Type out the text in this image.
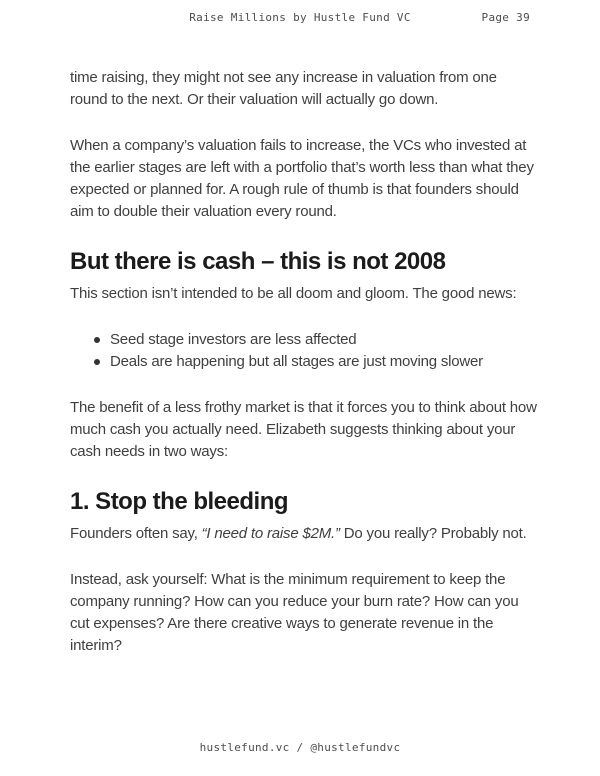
Raise Millions by Hustle Fund VC	Page 39

time raising, they might not see any increase in valuation from one round to the next. Or their valuation will actually go down.

When a company’s valuation fails to increase, the VCs who invested at the earlier stages are left with a portfolio that’s worth less than what they expected or planned for. A rough rule of thumb is that founders should aim to double their valuation every round.

But there is cash – this is not 2008

This section isn’t intended to be all doom and gloom. The good news:

Seed stage investors are less affected
Deals are happening but all stages are just moving slower

The benefit of a less frothy market is that it forces you to think about how much cash you actually need. Elizabeth suggests thinking about your cash needs in two ways:

1. Stop the bleeding

Founders often say, “I need to raise $2M.” Do you really? Probably not.

Instead, ask yourself: What is the minimum requirement to keep the company running? How can you reduce your burn rate? How can you cut expenses? Are there creative ways to generate revenue in the interim?

hustlefund.vc / @hustlefundvc
